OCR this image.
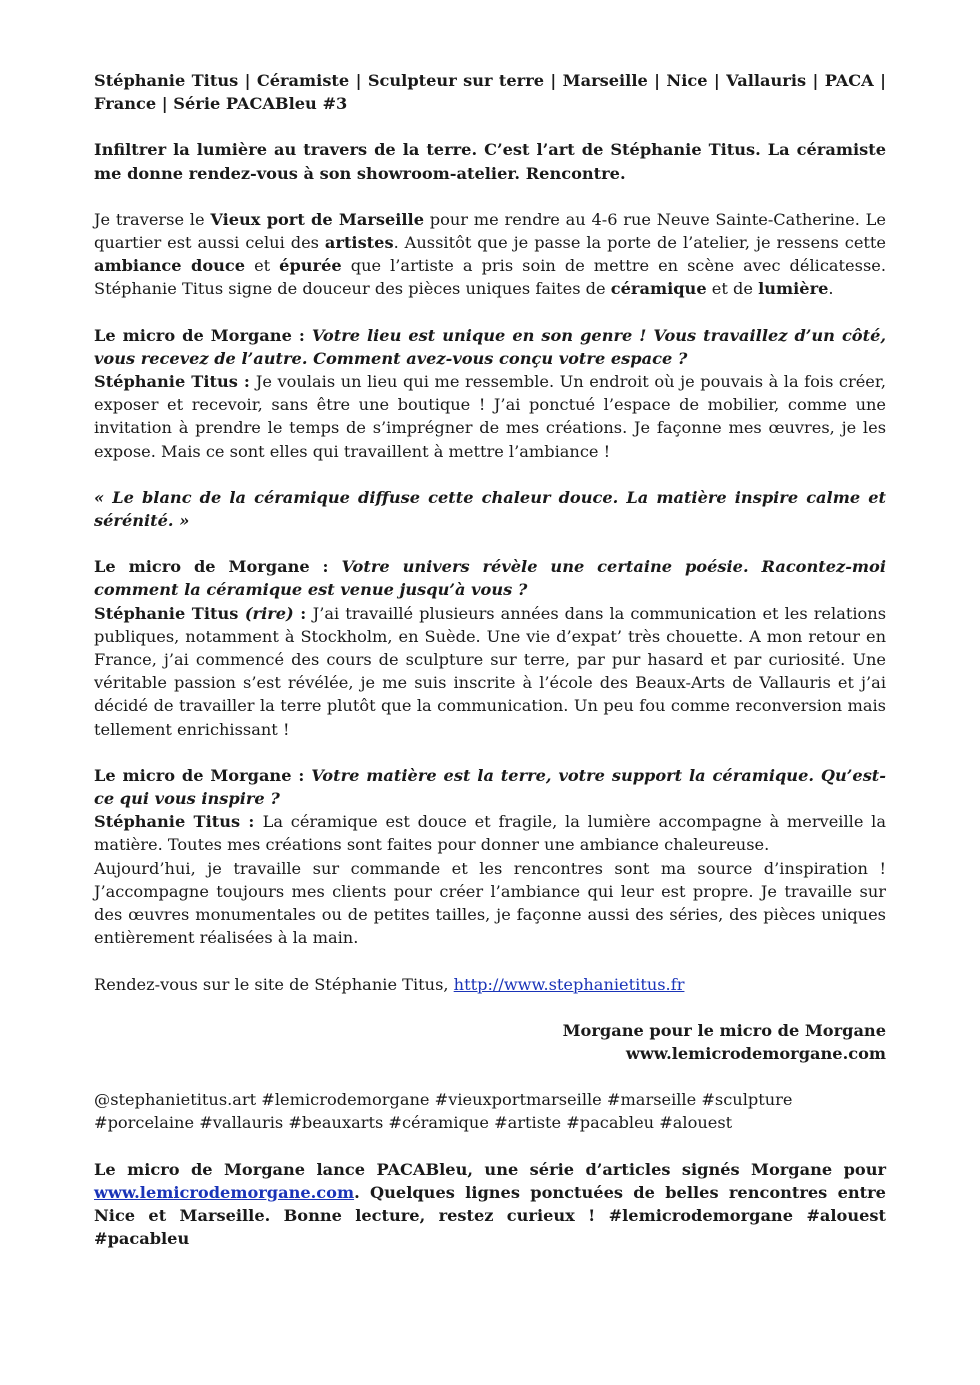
Stéphanie Titus | Céramiste | Sculpteur sur terre | Marseille | Nice | Vallauris | PACA | France | Série PACABleu #3

Infiltrer la lumière au travers de la terre. C’est l’art de Stéphanie Titus. La céramiste me donne rendez-vous à son showroom-atelier. Rencontre.

Je traverse le Vieux port de Marseille pour me rendre au 4-6 rue Neuve Sainte-Catherine. Le quartier est aussi celui des artistes. Aussitôt que je passe la porte de l’atelier, je ressens cette ambiance douce et épurée que l’artiste a pris soin de mettre en scène avec délicatesse. Stéphanie Titus signe de douceur des pièces uniques faites de céramique et de lumière.

Le micro de Morgane : Votre lieu est unique en son genre ! Vous travaillez d’un côté, vous recevez de l’autre. Comment avez-vous conçu votre espace ?

Stéphanie Titus : Je voulais un lieu qui me ressemble. Un endroit où je pouvais à la fois créer, exposer et recevoir, sans être une boutique ! J’ai ponctué l’espace de mobilier, comme une invitation à prendre le temps de s’imprégner de mes créations. Je façonne mes œuvres, je les expose. Mais ce sont elles qui travaillent à mettre l’ambiance !

« Le blanc de la céramique diffuse cette chaleur douce. La matière inspire calme et sérénité. »

Le micro de Morgane : Votre univers révèle une certaine poésie. Racontez-moi comment la céramique est venue jusqu’à vous ?

Stéphanie Titus (rire) : J’ai travaillé plusieurs années dans la communication et les relations publiques, notamment à Stockholm, en Suède. Une vie d’expat’ très chouette. A mon retour en France, j’ai commencé des cours de sculpture sur terre, par pur hasard et par curiosité. Une véritable passion s’est révélée, je me suis inscrite à l’école des Beaux-Arts de Vallauris et j’ai décidé de travailler la terre plutôt que la communication. Un peu fou comme reconversion mais tellement enrichissant !

Le micro de Morgane : Votre matière est la terre, votre support la céramique. Qu’est-ce qui vous inspire ?

Stéphanie Titus : La céramique est douce et fragile, la lumière accompagne à merveille la matière. Toutes mes créations sont faites pour donner une ambiance chaleureuse.

Aujourd’hui, je travaille sur commande et les rencontres sont ma source d’inspiration ! J’accompagne toujours mes clients pour créer l’ambiance qui leur est propre. Je travaille sur des œuvres monumentales ou de petites tailles, je façonne aussi des séries, des pièces uniques entièrement réalisées à la main.

Rendez-vous sur le site de Stéphanie Titus, http://www.stephanietitus.fr

Morgane pour le micro de Morgane

www.lemicrodemorgane.com

@stephanietitus.art #lemicrodemorgane #vieuxportmarseille #marseille #sculpture #porcelaine #vallauris #beauxarts #céramique #artiste #pacableu #alouest

Le micro de Morgane lance PACABleu, une série d’articles signés Morgane pour www.lemicrodemorgane.com. Quelques lignes ponctuées de belles rencontres entre Nice et Marseille. Bonne lecture, restez curieux ! #lemicrodemorgane #alouest #pacableu
